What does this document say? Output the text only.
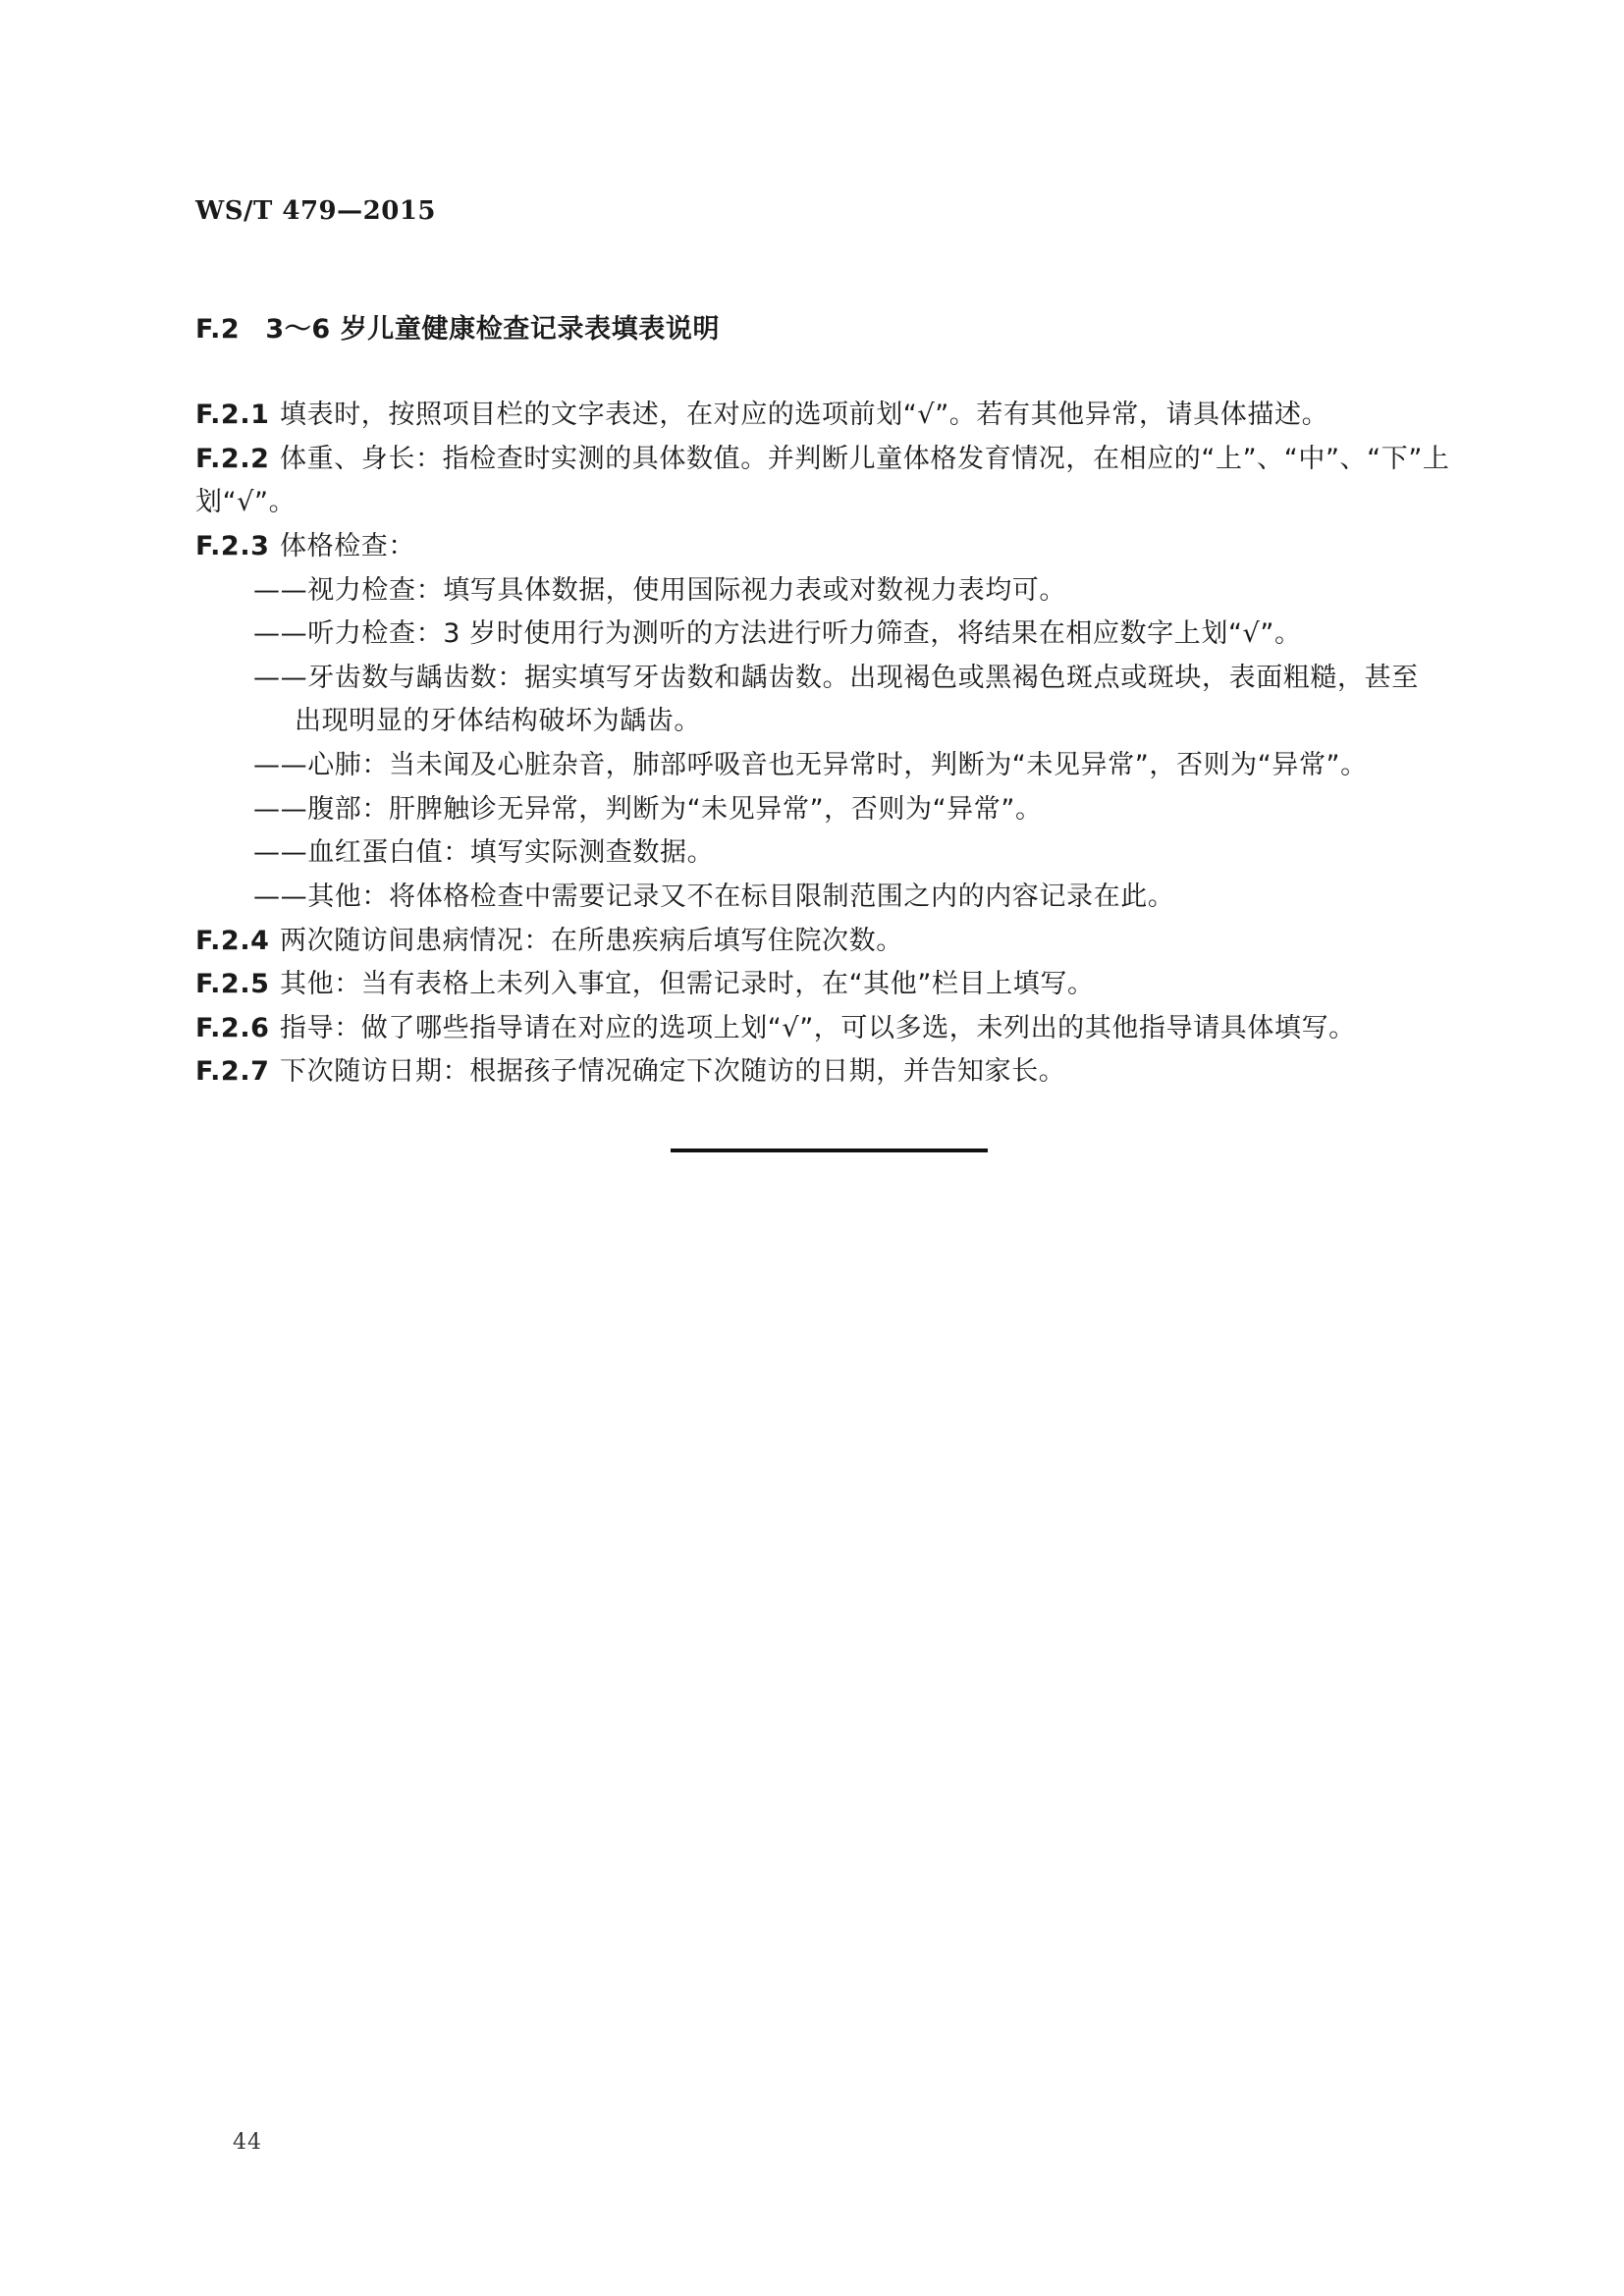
WS/T 479—2015
F.2 3～6 岁儿童健康检查记录表填表说明
F.2.1 填表时，按照项目栏的文字表述，在对应的选项前划“√”。若有其他异常，请具体描述。
F.2.2 体重、身长：指检查时实测的具体数值。并判断儿童体格发育情况，在相应的“上”、“中”、“下”上
划“√”。
F.2.3 体格检查：
——视力检查：填写具体数据，使用国际视力表或对数视力表均可。
——听力检查：3 岁时使用行为测听的方法进行听力筛查，将结果在相应数字上划“√”。
——牙齿数与龋齿数：据实填写牙齿数和龋齿数。出现褐色或黑褐色斑点或斑块，表面粗糙，甚至
出现明显的牙体结构破坏为龋齿。
——心肺：当未闻及心脏杂音，肺部呼吸音也无异常时，判断为“未见异常”，否则为“异常”。
——腹部：肝脾触诊无异常，判断为“未见异常”，否则为“异常”。
——血红蛋白值：填写实际测查数据。
——其他：将体格检查中需要记录又不在标目限制范围之内的内容记录在此。
F.2.4 两次随访间患病情况：在所患疾病后填写住院次数。
F.2.5 其他：当有表格上未列入事宜，但需记录时，在“其他”栏目上填写。
F.2.6 指导：做了哪些指导请在对应的选项上划“√”，可以多选，未列出的其他指导请具体填写。
F.2.7 下次随访日期：根据孩子情况确定下次随访的日期，并告知家长。
44
